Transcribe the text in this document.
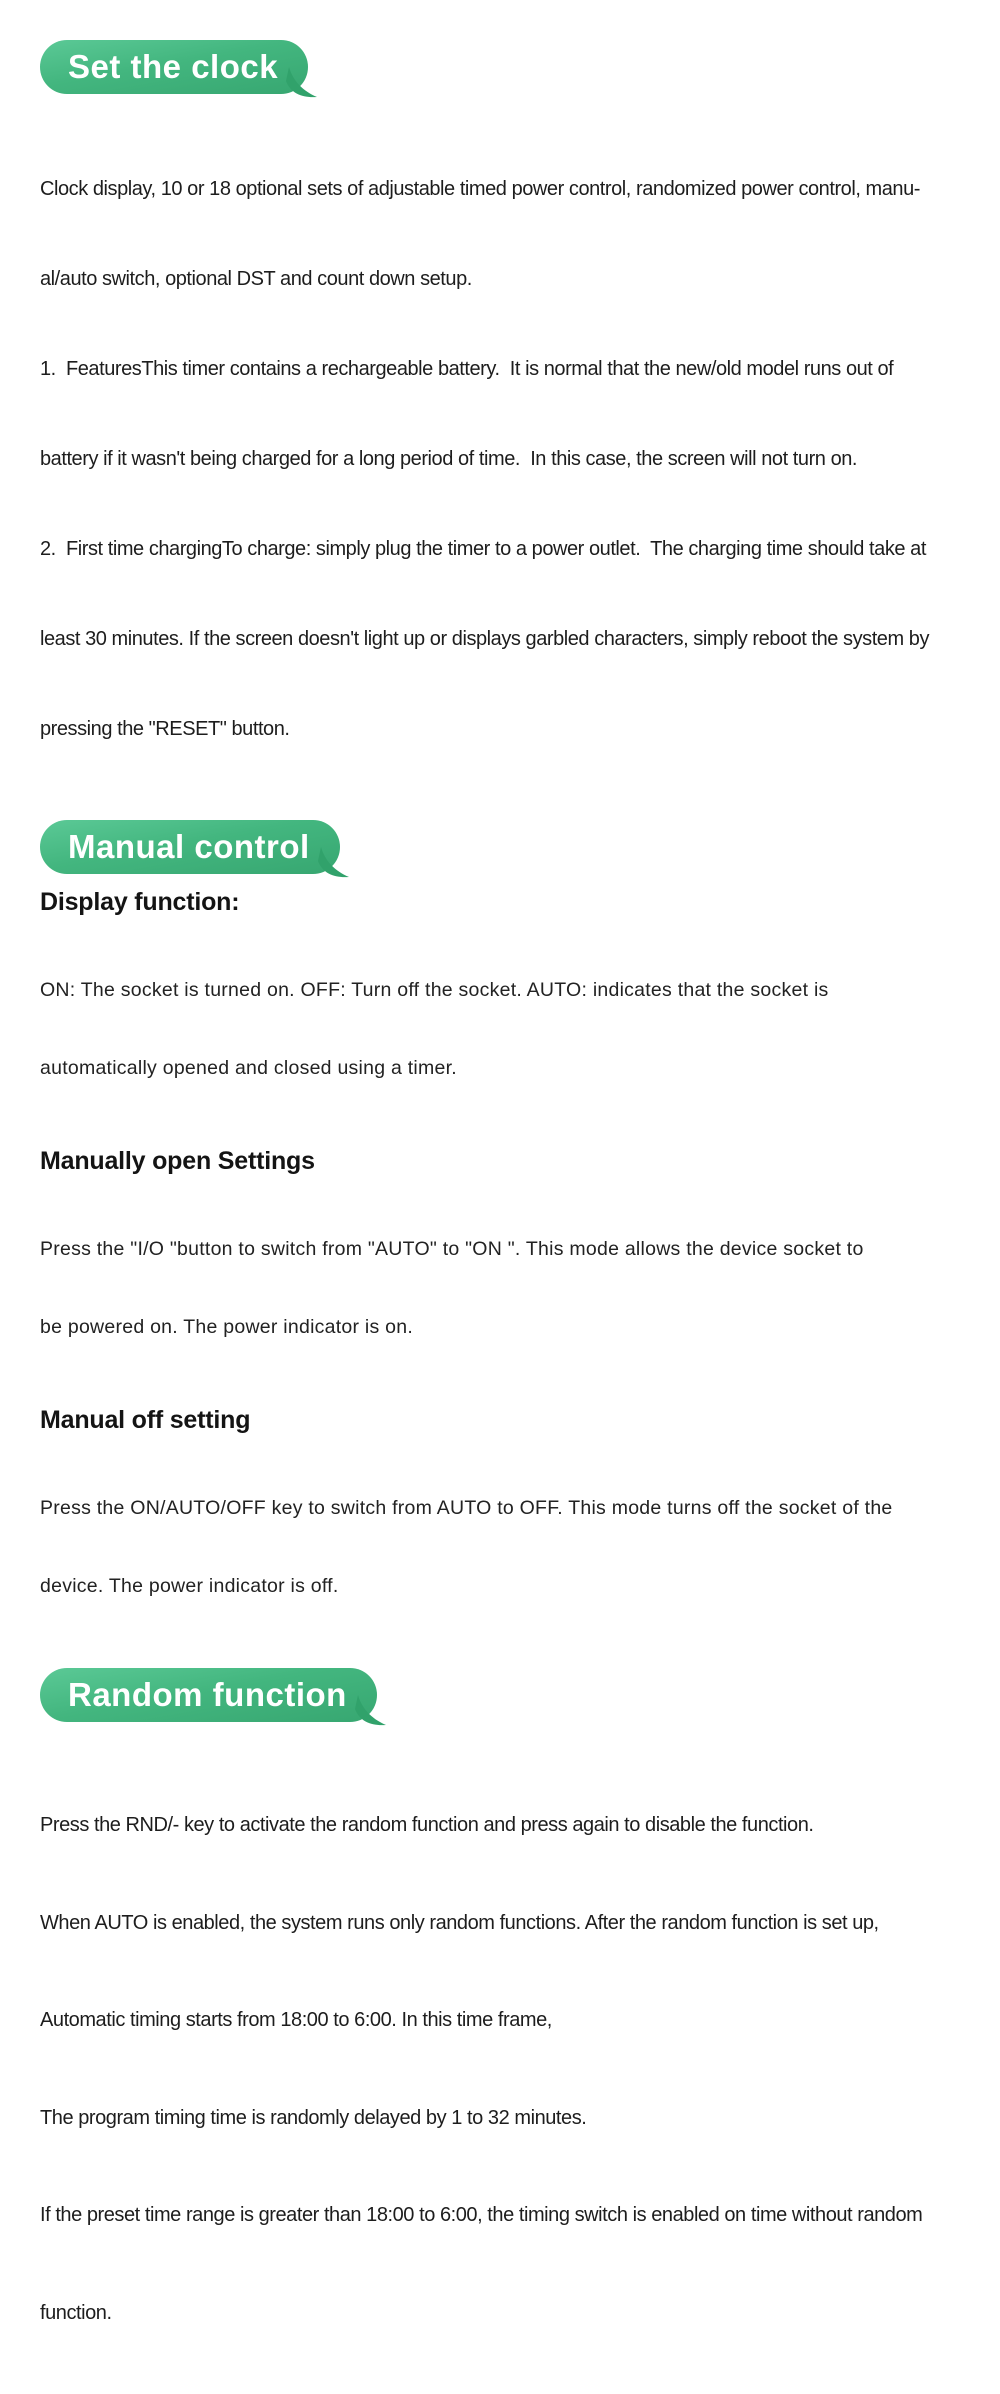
Set the clock

Clock display, 10 or 18 optional sets of adjustable timed power control, randomized power control, manu-

al/auto switch, optional DST and count down setup.

1.  FeaturesThis timer contains a rechargeable battery.  It is normal that the new/old model runs out of

battery if it wasn't being charged for a long period of time.  In this case, the screen will not turn on.

2.  First time chargingTo charge: simply plug the timer to a power outlet.  The charging time should take at

least 30 minutes. If the screen doesn't light up or displays garbled characters, simply reboot the system by

pressing the "RESET" button.

Manual control
Display function:

ON: The socket is turned on. OFF: Turn off the socket. AUTO: indicates that the socket is

automatically opened and closed using a timer.

Manually open Settings

Press the "I/O "button to switch from "AUTO" to "ON ". This mode allows the device socket to

be powered on. The power indicator is on.

Manual off setting

Press the ON/AUTO/OFF key to switch from AUTO to OFF. This mode turns off the socket of the

device. The power indicator is off.

Random function

Press the RND/- key to activate the random function and press again to disable the function.

When AUTO is enabled, the system runs only random functions. After the random function is set up,

Automatic timing starts from 18:00 to 6:00. In this time frame,

The program timing time is randomly delayed by 1 to 32 minutes.

If the preset time range is greater than 18:00 to 6:00, the timing switch is enabled on time without random

function.
